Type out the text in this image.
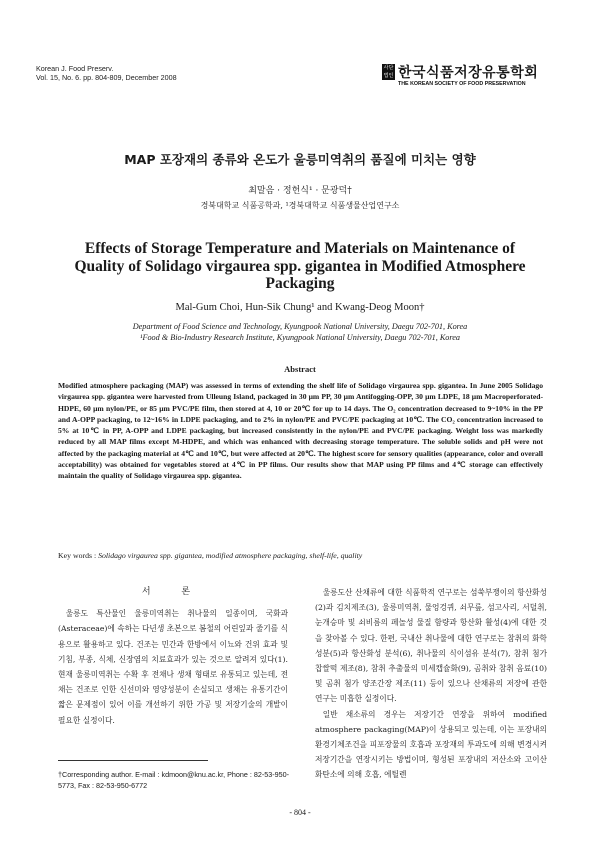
Korean J. Food Preserv.
Vol. 15, No. 6. pp. 804-809, December 2008
사단법인 한국식품저장유통학회
THE KOREAN SOCIETY OF FOOD PRESERVATION
MAP 포장재의 종류와 온도가 울릉미역취의 품질에 미치는 영향
최말음 · 정헌식¹ · 문광덕†
경북대학교 식품공학과, ¹경북대학교 식품생물산업연구소
Effects of Storage Temperature and Materials on Maintenance of Quality of Solidago virgaurea spp. gigantea in Modified Atmosphere Packaging
Mal-Gum Choi, Hun-Sik Chung¹ and Kwang-Deog Moon†
Department of Food Science and Technology, Kyungpook National University, Daegu 702-701, Korea
¹Food & Bio-Industry Research Institute, Kyungpook National University, Daegu 702-701, Korea
Abstract
Modified atmosphere packaging (MAP) was assessed in terms of extending the shelf life of Solidago virgaurea spp. gigantea. In June 2005 Solidago virgaurea spp. gigantea were harvested from Ulleung Island, packaged in 30 μm PP, 30 μm Antifogging-OPP, 30 μm LDPE, 18 μm Macroperforated-HDPE, 60 μm nylon/PE, or 85 μm PVC/PE film, then stored at 4, 10 or 20℃ for up to 14 days. The O₂ concentration decreased to 9~10% in the PP and A-OPP packaging, to 12~16% in LDPE packaging, and to 2% in nylon/PE and PVC/PE packaging at 10℃. The CO₂ concentration increased to 5% at 10℃ in PP, A-OPP and LDPE packaging, but increased consistently in the nylon/PE and PVC/PE packaging. Weight loss was markedly reduced by all MAP films except M-HDPE, and which was enhanced with decreasing storage temperature. The soluble solids and pH were not affected by the packaging material at 4℃ and 10℃, but were affected at 20℃. The highest score for sensory qualities (appearance, color and overall acceptability) was obtained for vegetables stored at 4℃ in PP films. Our results show that MAP using PP films and 4℃ storage can effectively maintain the quality of Solidago virgaurea spp. gigantea.
Key words : Solidago virgaurea spp. gigantea, modified atmosphere packaging, shelf-life, quality
서 론

울릉도 특산물인 울릉미역취는 취나물의 일종이며, 국화과(Asteraceae)에 속하는 다년생 초본으로 봄철의 어린잎과 줄기를 식용으로 활용하고 있다. 건조는 민간과 한방에서 이뇨와 건위 효과 및 기침, 부종, 식체, 신장염의 치료효과가 있는 것으로 알려져 있다(1). 현재 울릉미역취는 수확 후 전채나 생채 형태로 유통되고 있는데, 전채는 건조로 인한 신선미와 영양성분이 손실되고 생채는 유통기간이 짧은 문제점이 있어 이를 개선하기 위한 가공 및 저장기술의 개발이 필요한 실정이다.

울릉도산 산채류에 대한 식품학적 연구로는 섬쑥부쟁이의 항산화성(2)과 김치제조(3), 울릉미역취, 물엉겅퀴, 쇠무릎, 섬고사리, 서덜취, 눈개승마 및 쇠비름의 페놀성 물질 함량과 항산화 활성(4)에 대한 것을 찾아볼 수 있다. 한편, 국내산 취나물에 대한 연구로는 참취의 화학 성분(5)과 항산화성 분석(6), 취나물의 식이섬유 분석(7), 참취 첨가 찹쌀떡 제조(8), 참취 추출물의 미세캡슐화(9), 곰취와 참취 음료(10) 및 곰취 첨가 양조간장 제조(11) 등이 있으나 산채류의 저장에 관한 연구는 미흡한 실정이다.

일반 채소류의 경우는 저장기간 연장을 위하여 modified atmosphere packaging(MAP)이 상용되고 있는데, 이는 포장내의 환경기체조건을 피포장물의 호흡과 포장재의 투과도에 의해 변경시켜 저장기간을 연장시키는 방법이며, 형성된 포장내의 저산소와 고이산화탄소에 의해 호흡, 에틸렌

†Corresponding author. E-mail : kdmoon@knu.ac.kr, Phone : 82-53-950-5773, Fax : 82-53-950-6772
- 804 -
